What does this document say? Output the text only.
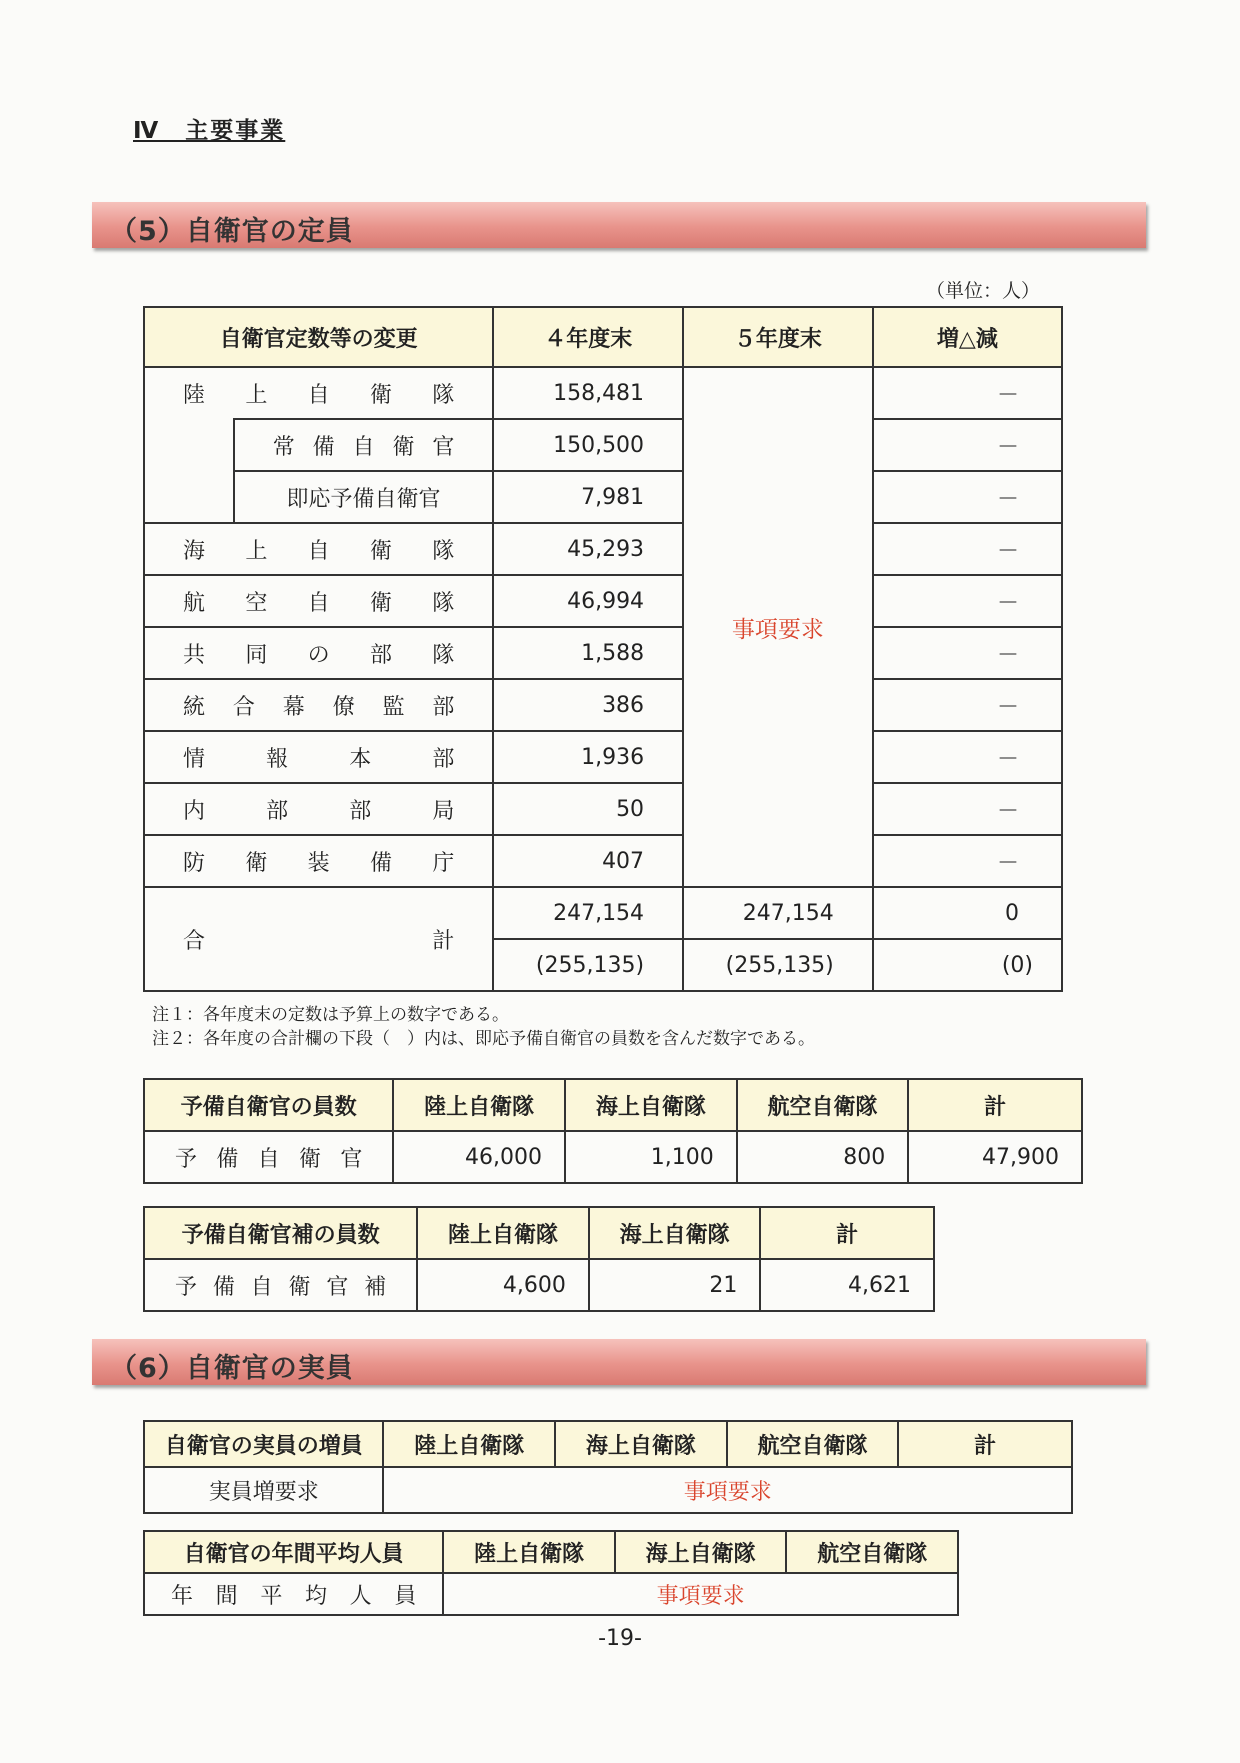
Ⅳ　主要事業
（5）自衛官の定員
（単位：人）
自衛官定数等の変更		４年度末	５年度末	増△減
陸上自衛隊		158,481	事項要求	－
	常備自衛官	150,500		－
	即応予備自衛官	7,981		－
海上自衛隊		45,293		－
航空自衛隊		46,994		－
共同の部隊		1,588		－
統合幕僚監部		386		－
情報本部		1,936		－
内部部局		50		－
防衛装備庁		407		－
合　　　　　　　計		247,154	247,154	0
		(255,135)	(255,135)	(0)
注１：各年度末の定数は予算上の数字である。
注２：各年度の合計欄の下段（　）内は、即応予備自衛官の員数を含んだ数字である。
予備自衛官の員数	陸上自衛隊	海上自衛隊	航空自衛隊	計
予備自衛官	46,000	1,100	800	47,900
予備自衛官補の員数	陸上自衛隊	海上自衛隊	計
予備自衛官補	4,600	21	4,621
（6）自衛官の実員
自衛官の実員の増員	陸上自衛隊	海上自衛隊	航空自衛隊	計
実員増要求	事項要求			
自衛官の年間平均人員	陸上自衛隊	海上自衛隊	航空自衛隊
年間平均人員	事項要求		
-19-
